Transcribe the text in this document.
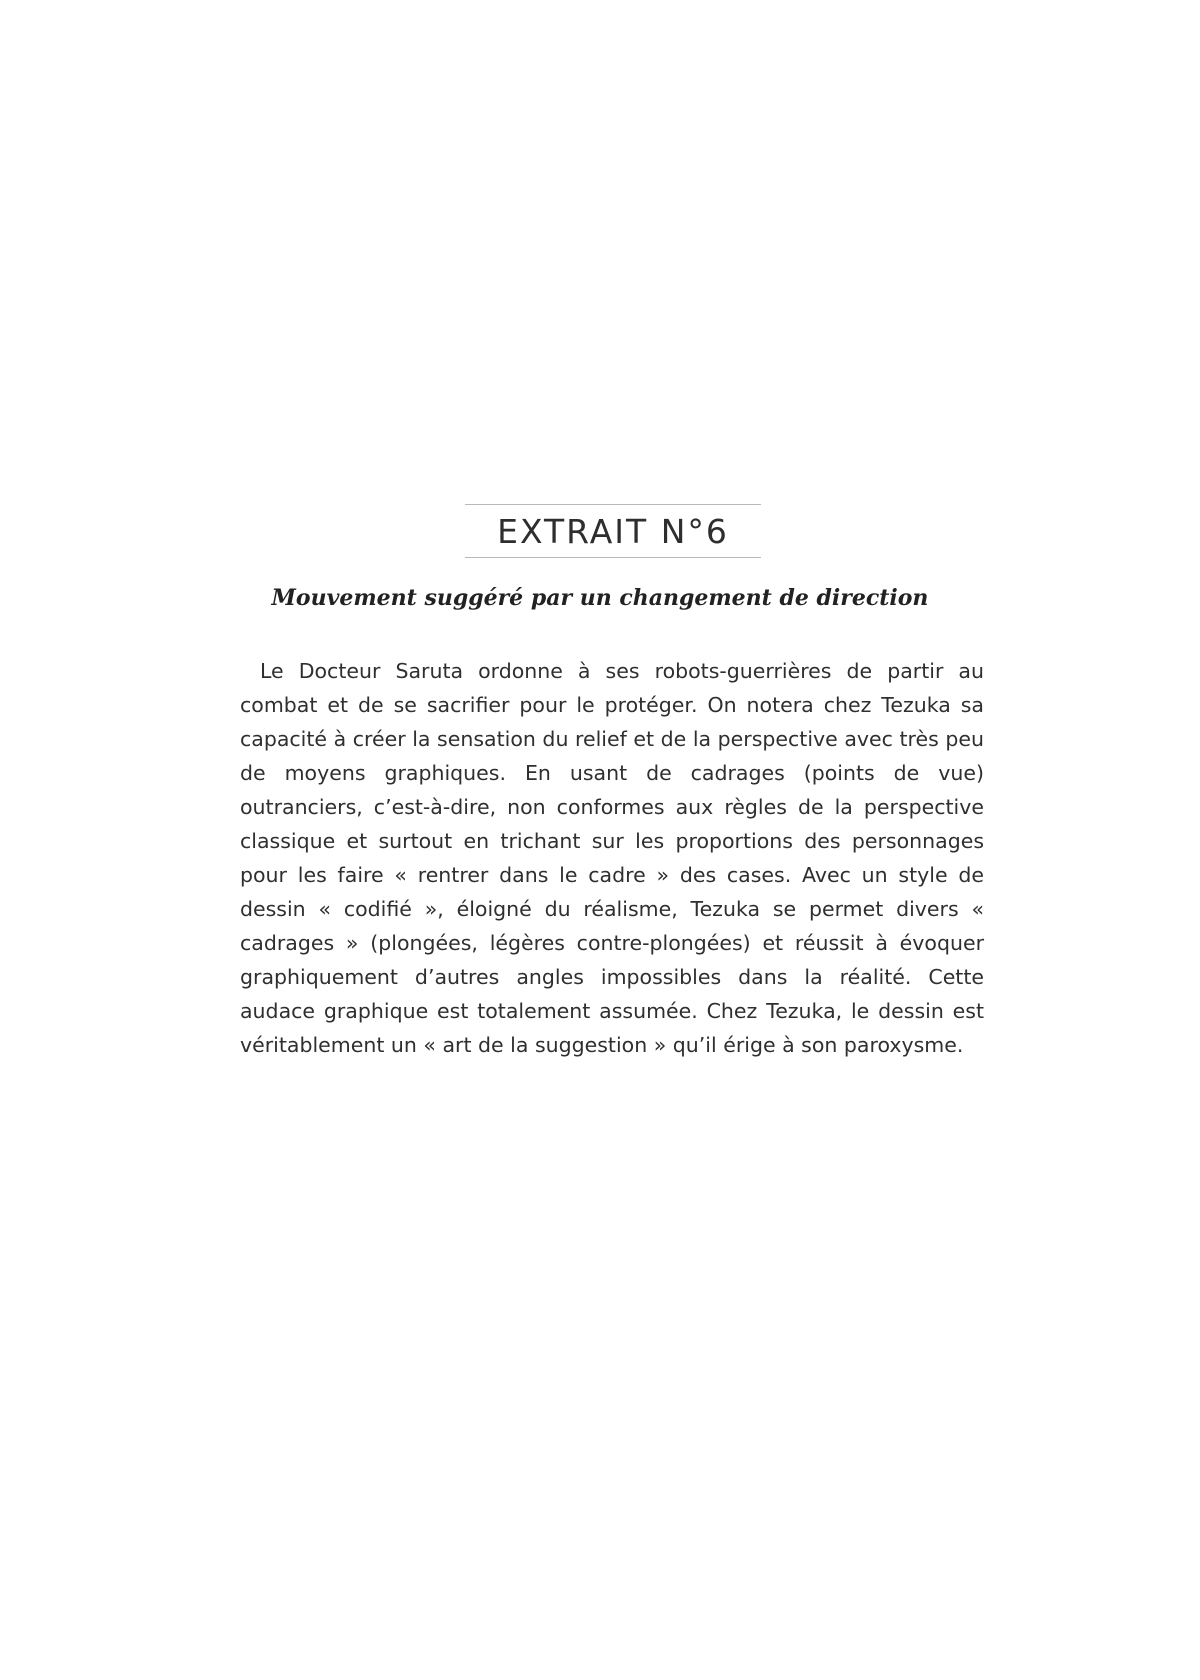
EXTRAIT N°6
Mouvement suggéré par un changement de direction

Le Docteur Saruta ordonne à ses robots-guerrières de partir au combat et de se sacrifier pour le protéger. On notera chez Tezuka sa capacité à créer la sensation du relief et de la perspective avec très peu de moyens graphiques. En usant de cadrages (points de vue) outranciers, c’est-à-dire, non conformes aux règles de la perspective classique et surtout en trichant sur les proportions des personnages pour les faire « rentrer dans le cadre » des cases. Avec un style de dessin « codifié », éloigné du réalisme, Tezuka se permet divers « cadrages » (plongées, légères contre-plongées) et réussit à évoquer graphiquement d’autres angles impossibles dans la réalité. Cette audace graphique est totalement assumée. Chez Tezuka, le dessin est véritablement un « art de la suggestion » qu’il érige à son paroxysme.
